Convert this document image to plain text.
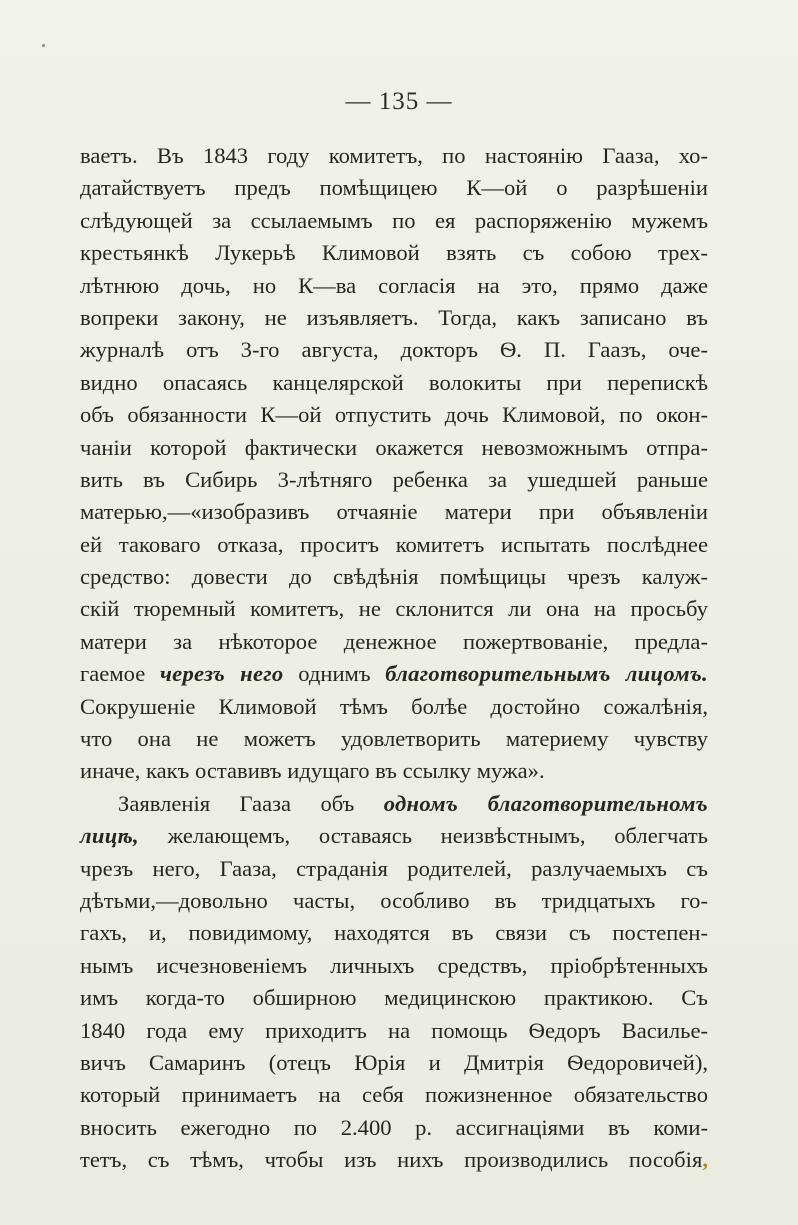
— 135 —
ваетъ. Въ 1843 году комитетъ, по настоянію Гааза, хо-
датайствуетъ предъ помѣщицею К—ой о разрѣшеніи
слѣдующей за ссылаемымъ по ея распоряженію мужемъ
крестьянкѣ Лукерьѣ Климовой взять съ собою трех-
лѣтнюю дочь, но К—ва согласія на это, прямо даже
вопреки закону, не изъявляетъ. Тогда, какъ записано въ
журналѣ отъ 3-го августа, докторъ Ѳ. П. Гаазъ, оче-
видно опасаясь канцелярской волокиты при перепискѣ
объ обязанности К—ой отпустить дочь Климовой, по окон-
чаніи которой фактически окажется невозможнымъ отпра-
вить въ Сибирь 3-лѣтняго ребенка за ушедшей раньше
матерью,—«изобразивъ отчаяніе матери при объявленіи
ей таковаго отказа, проситъ комитетъ испытать послѣднее
средство: довести до свѣдѣнія помѣщицы чрезъ калуж-
скій тюремный комитетъ, не склонится ли она на просьбу
матери за нѣкоторое денежное пожертвованіе, предла-
гаемое черезъ него однимъ благотворительнымъ лицомъ.
Сокрушеніе Климовой тѣмъ болѣе достойно сожалѣнія,
что она не можетъ удовлетворить материему чувству
иначе, какъ оставивъ идущаго въ ссылку мужа».
Заявленія Гааза объ одномъ благотворительномъ
лицѣ, желающемъ, оставаясь неизвѣстнымъ, облегчать
чрезъ него, Гааза, страданія родителей, разлучаемыхъ съ
дѣтьми,—довольно часты, особливо въ тридцатыхъ го-
гахъ, и, повидимому, находятся въ связи съ постепен-
нымъ исчезновеніемъ личныхъ средствъ, пріобрѣтенныхъ
имъ когда-то обширною медицинскою практикою. Съ
1840 года ему приходитъ на помощь Ѳедоръ Василье-
вичъ Самаринъ (отецъ Юрія и Дмитрія Ѳедоровичей),
который принимаетъ на себя пожизненное обязательство
вносить ежегодно по 2.400 р. ассигнаціями въ коми-
тетъ, съ тѣмъ, чтобы изъ нихъ производились пособія,
